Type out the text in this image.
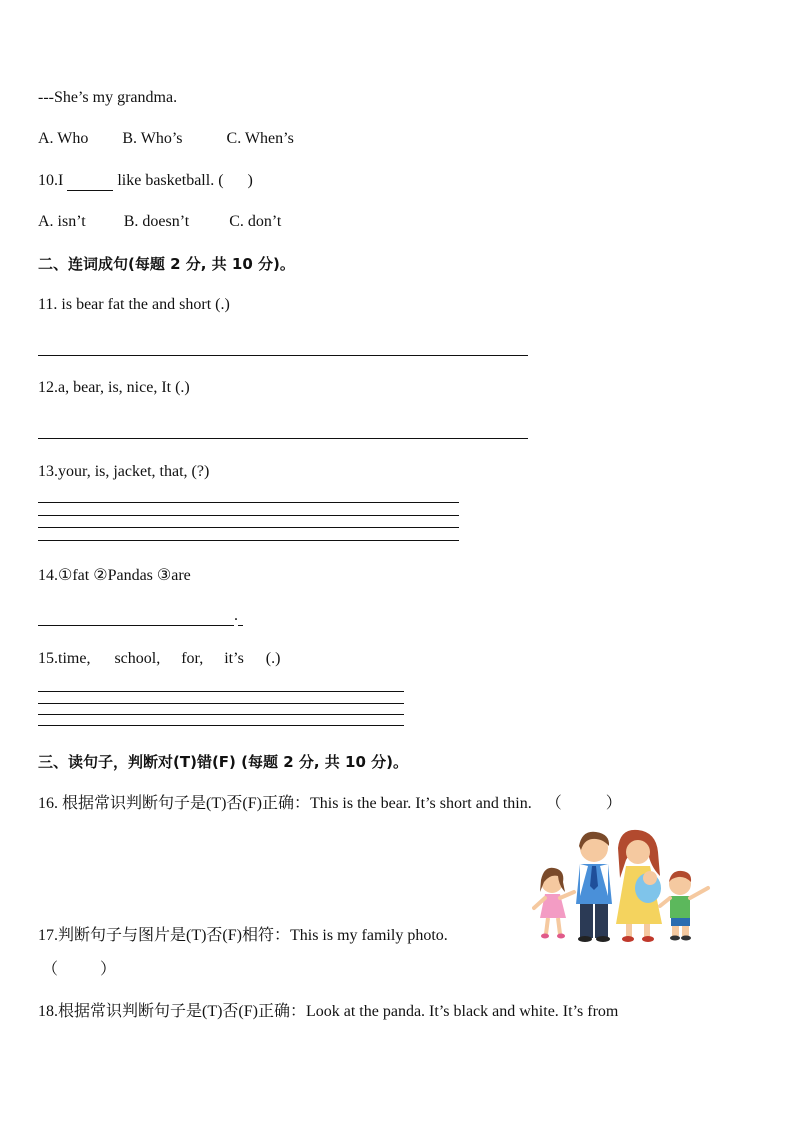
---She’s my grandma.
A. Who B. Who’s	C. When’s
10.I	like basketball. ( )
A. isn’t B. doesn’t	C. don’t
二、连词成句(每题 2 分, 共 10 分)。
11. is bear fat the and short (.)
12.a, bear, is, nice, It (.)
13.your, is, jacket, that, (?)
14.①fat ②Pandas ③are
.
15.time, school, for, it’s (.)
三、读句子，判断对(T)错(F) (每题 2 分, 共 10 分)。
16. 根据常识判断句子是(T)否(F)正确：This is the bear. It’s short and thin. （	）
17.判断句子与图片是(T)否(F)相符：This is my family photo.
（	）
18.根据常识判断句子是(T)否(F)正确：Look at the panda. It’s black and white. It’s from
